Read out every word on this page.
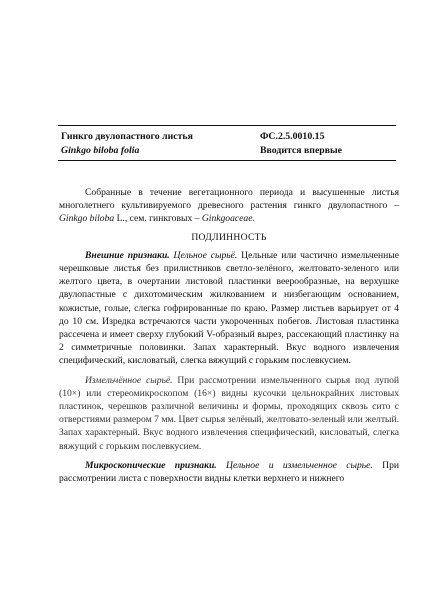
Гинкго двулопастного листья
Ginkgo biloba folia
ФС.2.5.0010.15
Вводится впервые

Собранные в течение вегетационного периода и высушенные листья многолетнего культивируемого древесного растения гинкго двулопастного – Ginkgo biloba L., сем. гинкговых – Ginkgoaceae.

ПОДЛИННОСТЬ

Внешние признаки. Цельное сырьё. Цельные или частично измельченные черешковые листья без прилистников светло-зелёного, желтовато-зеленого или желтого цвета, в очертании листовой пластинки веерообразные, на верхушке двулопастные с дихотомическим жилкованием и низбегающим основанием, кожистые, голые, слегка гофрированные по краю. Размер листьев варьирует от 4 до 10 см. Изредка встречаются части укороченных побегов. Листовая пластинка рассечена и имеет сверху глубокий V-образный вырез, рассекающий пластинку на 2 симметричные половинки. Запах характерный. Вкус водного извлечения специфический, кисловатый, слегка вяжущий с горьким послевкусием.

Измельчённое сырьё. При рассмотрении измельченного сырья под лупой (10×) или стереомикроскопом (16×) видны кусочки цельнокрайних листовых пластинок, черешков различной величины и формы, проходящих сквозь сито с отверстиями размером 7 мм. Цвет сырья зелёный, желтовато-зеленый или желтый. Запах характерный. Вкус водного извлечения специфический, кисловатый, слегка вяжущий с горьким послевкусием.

Микроскопические признаки. Цельное и измельченное сырье. При рассмотрении листа с поверхности видны клетки верхнего и нижнего
